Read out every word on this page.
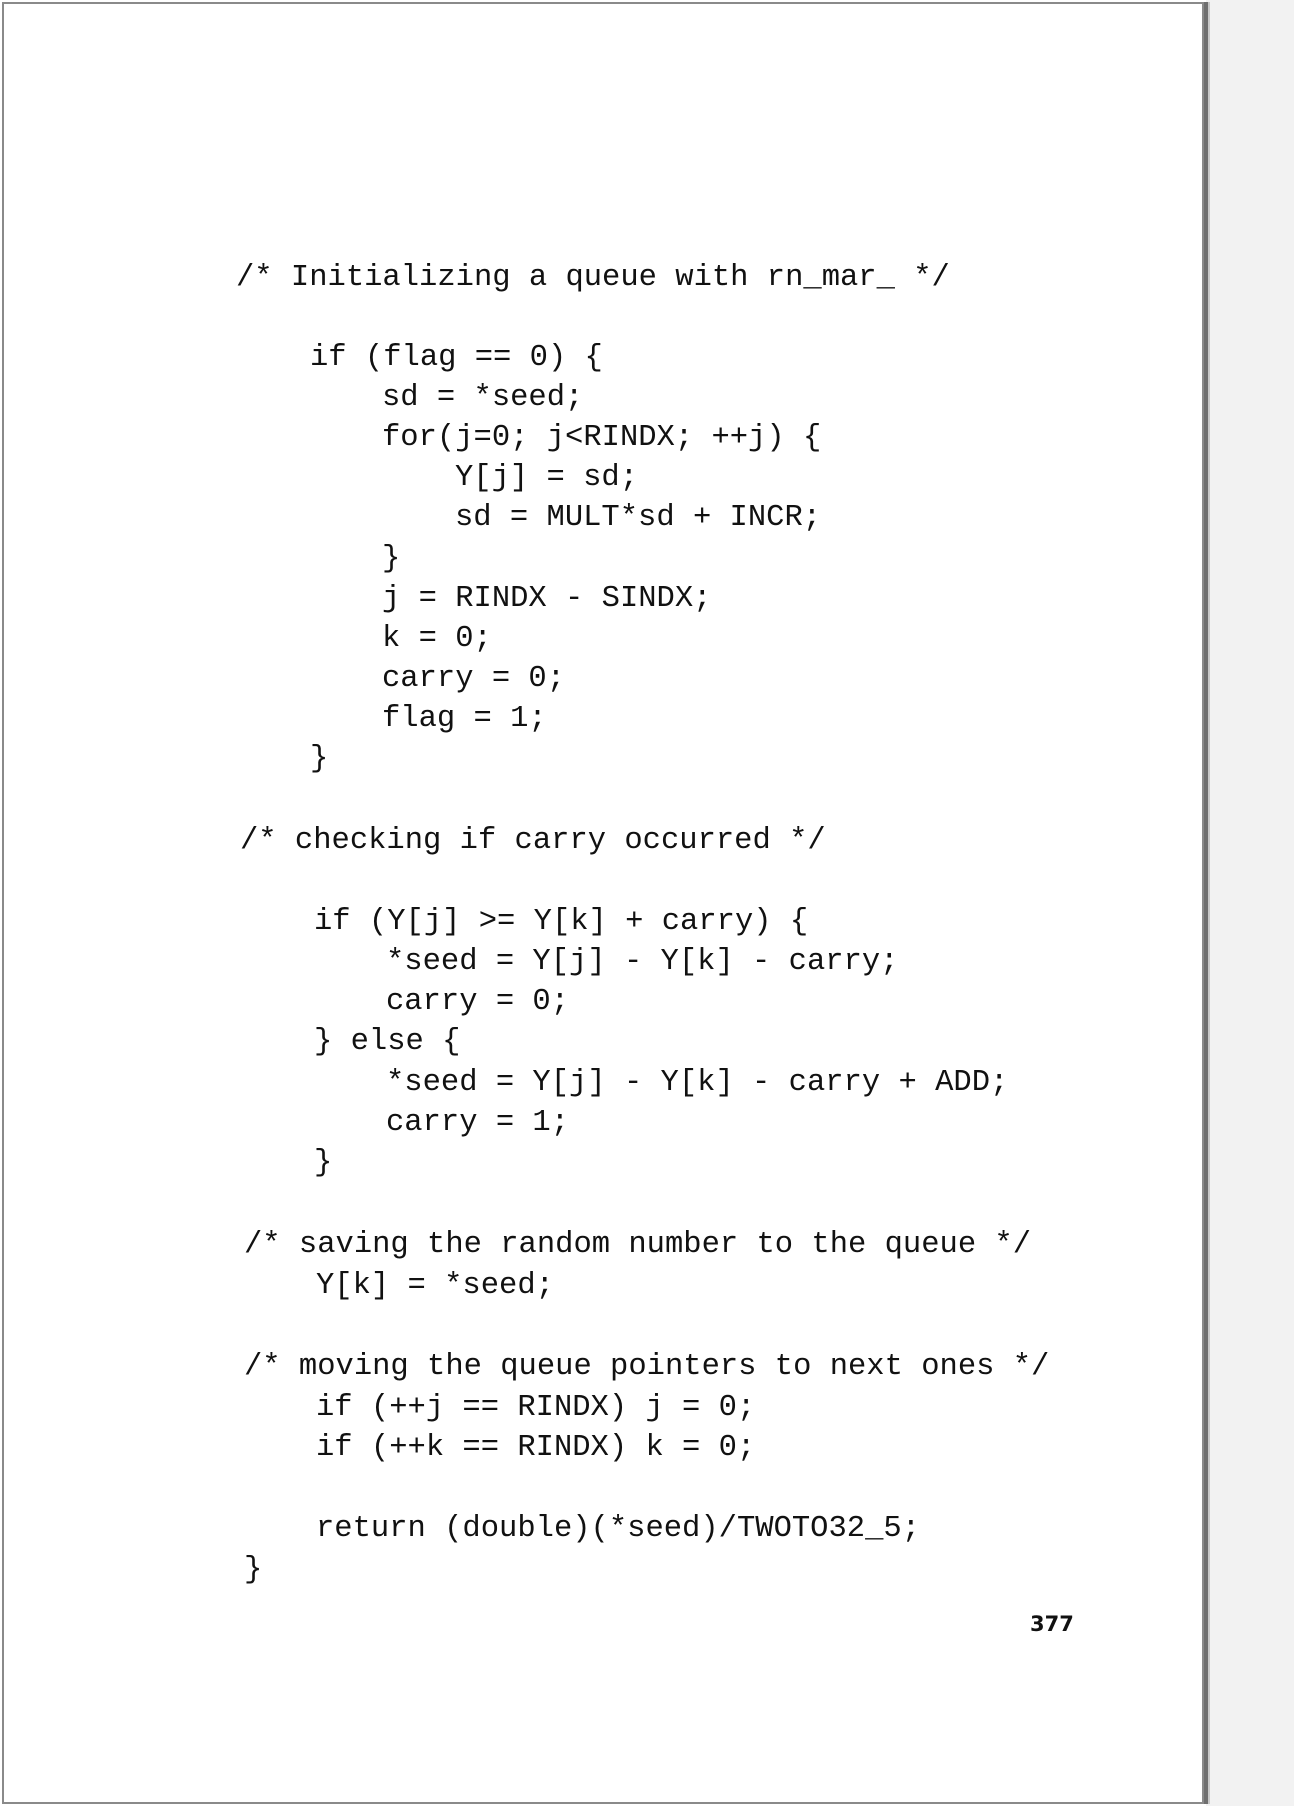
/* Initializing a queue with rn_mar_ */
if (flag == 0) {
sd = *seed;
for(j=0; j<RINDX; ++j) {
Y[j] = sd;
sd = MULT*sd + INCR;
}
j = RINDX - SINDX;
k = 0;
carry = 0;
flag = 1;
}
/* checking if carry occurred */
if (Y[j] >= Y[k] + carry) {
*seed = Y[j] - Y[k] - carry;
carry = 0;
} else {
*seed = Y[j] - Y[k] - carry + ADD;
carry = 1;
}
/* saving the random number to the queue */
Y[k] = *seed;
/* moving the queue pointers to next ones */
if (++j == RINDX) j = 0;
if (++k == RINDX) k = 0;
return (double)(*seed)/TWOTO32_5;
}
377
